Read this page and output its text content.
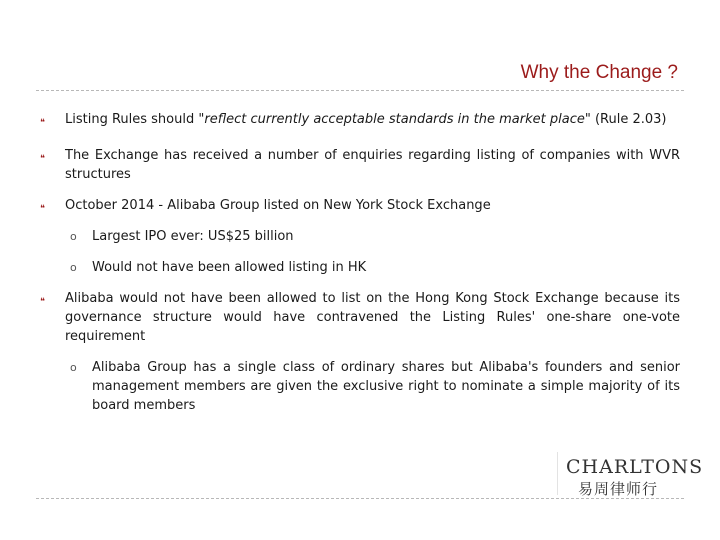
Why the Change ?
❝
Listing Rules should "reflect currently acceptable standards in the market place" (Rule 2.03)
❝
The Exchange has received a number of enquiries regarding listing of companies with WVR structures
❝
October 2014 - Alibaba Group listed on New York Stock Exchange
o
Largest IPO ever: US$25 billion
o
Would not have been allowed listing in HK
❝
Alibaba would not have been allowed to list on the Hong Kong Stock Exchange because its governance structure would have contravened the Listing Rules' one-share one-vote requirement
o
Alibaba Group has a single class of ordinary shares but Alibaba's founders and senior management members are given the exclusive right to nominate a simple majority of its board members
CHARLTONS
易周律师行
